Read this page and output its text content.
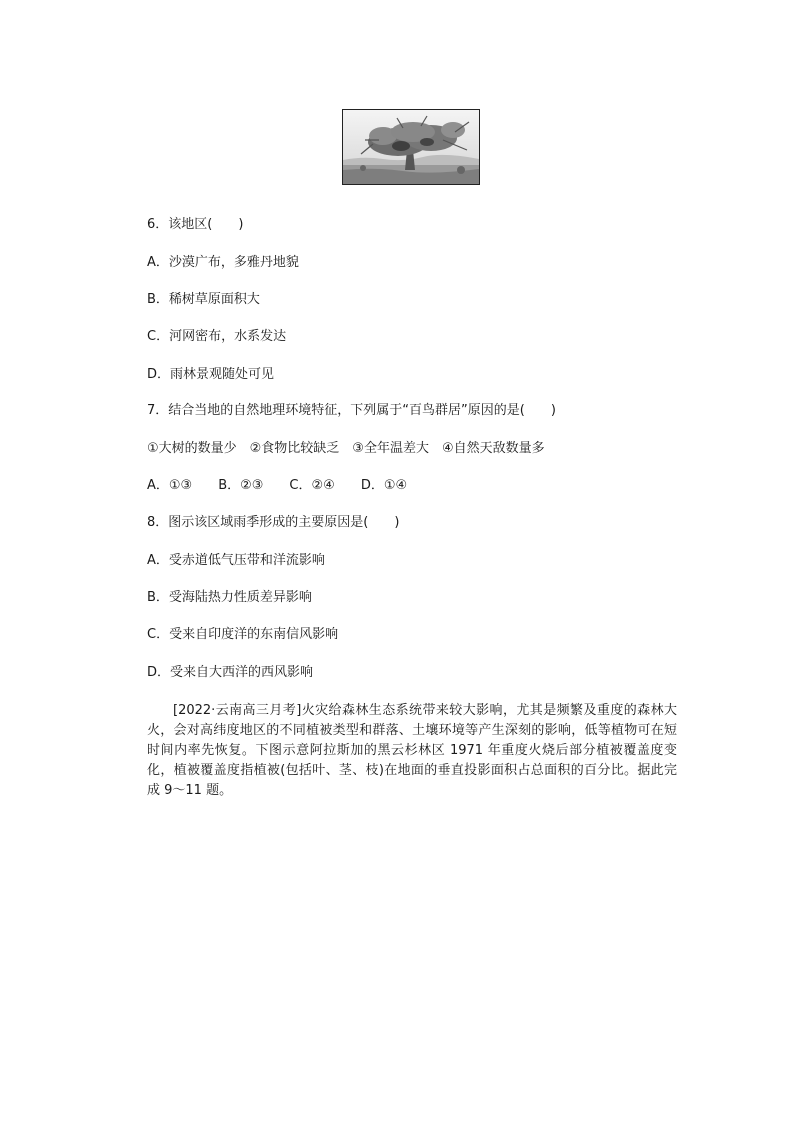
6．该地区(　　)
A．沙漠广布，多雅丹地貌
B．稀树草原面积大
C．河网密布，水系发达
D．雨林景观随处可见
7．结合当地的自然地理环境特征，下列属于“百鸟群居”原因的是(　　)
①大树的数量少　②食物比较缺乏　③全年温差大　④自然天敌数量多
A．①③　　B．②③　　C．②④　　D．①④
8．图示该区域雨季形成的主要原因是(　　)
A．受赤道低气压带和洋流影响
B．受海陆热力性质差异影响
C．受来自印度洋的东南信风影响
D．受来自大西洋的西风影响
[2022·云南高三月考]火灾给森林生态系统带来较大影响，尤其是频繁及重度的森林大火，会对高纬度地区的不同植被类型和群落、土壤环境等产生深刻的影响，低等植物可在短时间内率先恢复。下图示意阿拉斯加的黑云杉林区 1971 年重度火烧后部分植被覆盖度变化，植被覆盖度指植被(包括叶、茎、枝)在地面的垂直投影面积占总面积的百分比。据此完成 9～11 题。
